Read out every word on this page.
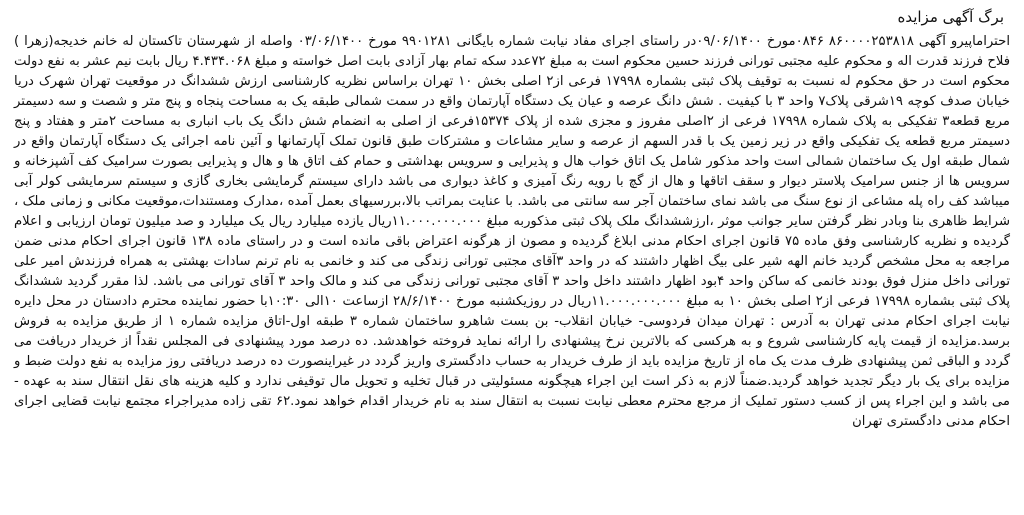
برگ آگهی مزایده

احتراماپیرو آگهی ۸۶۰۰۰۰۲۵۳۸۱۸ ۰۸۴۶مورخ ۰۹/۰۶/۱۴۰۰در راستای اجرای مفاد نیابت شماره بایگانی ۹۹۰۱۲۸۱ مورخ ۰۳/۰۶/۱۴۰۰ واصله از شهرستان تاکستان له خانم خدیجه(زهرا ) فلاح فرزند قدرت اله و محکوم علیه مجتبی تورانی فرزند حسین محکوم است به مبلغ ۷۲عدد سکه تمام بهار آزادی بابت اصل خواسته و مبلغ ۴.۴۳۴.۰۶۸ ریال بابت نیم عشر به نفع دولت محکوم است در حق محکوم له نسبت به توقیف پلاک ثبتی بشماره ۱۷۹۹۸ فرعی از۲ اصلی بخش ۱۰ تهران براساس نظریه کارشناسی ارزش ششدانگ در موقعیت تهران شهرک دریا خیابان صدف کوچه ۱۹شرقی پلاک۷ واحد ۳ با کیفیت . شش دانگ عرصه و عیان یک دستگاه آپارتمان واقع در سمت شمالی طبقه یک به مساحت پنجاه و پنج متر و شصت و سه دسیمتر مربع قطعه۳ تفکیکی به پلاک شماره ۱۷۹۹۸ فرعی از ۲اصلی مفروز و مجزی شده از پلاک ۱۵۳۷۴فرعی از اصلی به انضمام شش دانگ یک باب انباری به مساحت ۲متر و هفتاد و پنج دسیمتر مربع قطعه یک تفکیکی واقع در زیر زمین یک با قدر السهم از عرصه و سایر مشاعات و مشترکات طبق قانون تملک آپارتمانها و آئین نامه اجرائی یک دستگاه آپارتمان واقع در شمال طبقه اول یک ساختمان شمالی است واحد مذکور شامل یک اتاق خواب هال و پذیرایی و سرویس بهداشتی و حمام کف اتاق ها و هال و پذیرایی بصورت سرامیک کف آشپزخانه و سرویس ها از جنس سرامیک پلاستر دیوار و سقف اتاقها و هال از گچ با رویه رنگ آمیزی و کاغذ دیواری می باشد دارای سیستم گرمایشی بخاری گازی و سیستم سرمایشی کولر آبی میباشد کف راه پله مشاعی از نوع سنگ می باشد نمای ساختمان آجر سه سانتی می باشد. با عنایت بمراتب بالا،بررسیهای بعمل آمده ،مدارک ومستندات،موقعیت مکانی و زمانی ملک ، شرایط ظاهری بنا وبادر نظر گرفتن سایر جوانب موثر ،ارزششدانگ ملک پلاک ثبتی مذکوربه مبلغ ۱۱.۰۰۰.۰۰۰.۰۰۰ریال یازده میلیارد ریال یک میلیارد و صد میلیون تومان ارزیابی و اعلام گردیده و نظریه کارشناسی وفق ماده ۷۵ قانون اجرای احکام مدنی ابلاغ گردیده و مصون از هرگونه اعتراض باقی مانده است و در راستای ماده ۱۳۸ قانون اجرای احکام مدنی ضمن مراجعه به محل مشخص گردید خانم الهه شیر علی بیگ اظهار داشتند که در واحد ۳آقای مجتبی تورانی زندگی می کند و خانمی به نام ترنم سادات بهشتی به همراه فرزندش امیر علی تورانی داخل منزل فوق بودند خانمی که ساکن واحد ۴بود اظهار داشتند داخل واحد ۳ آقای مجتبی تورانی زندگی می کند و مالک واحد ۳ آقای تورانی می باشد. لذا مقرر گردید ششدانگ پلاک ثبتی بشماره ۱۷۹۹۸ فرعی از۲ اصلی بخش ۱۰ به مبلغ ۱۱.۰۰۰.۰۰۰.۰۰۰ریال در روزیکشنبه مورخ ۲۸/۶/۱۴۰۰ ازساعت ۱۰الی ۱۰:۳۰با حضور نماینده محترم دادستان در محل دایره نیابت اجرای احکام مدنی تهران به آدرس : تهران میدان فردوسی- خیابان انقلاب- بن بست شاهرو ساختمان شماره ۳ طبقه اول-اتاق مزایده شماره ۱ از طریق مزایده به فروش برسد.مزایده از قیمت پایه کارشناسی شروع و به هرکسی که بالاترین نرخ پیشنهادی را ارائه نماید فروخته خواهدشد. ده درصد مورد پیشنهادی فی المجلس نقداً از خریدار دریافت می گردد و الباقی ثمن پیشنهادی ظرف مدت یک ماه از تاریخ مزایده باید از طرف خریدار به حساب دادگستری واریز گردد در غیراینصورت ده درصد دریافتی روز مزایده به نفع دولت ضبط و مزایده برای یک بار دیگر تجدید خواهد گردید.ضمناً لازم به ذکر است این اجراء هیچگونه مسئولیتی در قبال تخلیه و تحویل مال توقیفی ندارد و کلیه هزینه های نقل انتقال سند به عهده - می باشد و این اجراء پس از کسب دستور تملیک از مرجع محترم معطی نیابت نسبت به انتقال سند به نام خریدار اقدام خواهد نمود.۶۲ تقی زاده مدیراجراء مجتمع نیابت قضایی اجرای احکام مدنی دادگستری تهران
